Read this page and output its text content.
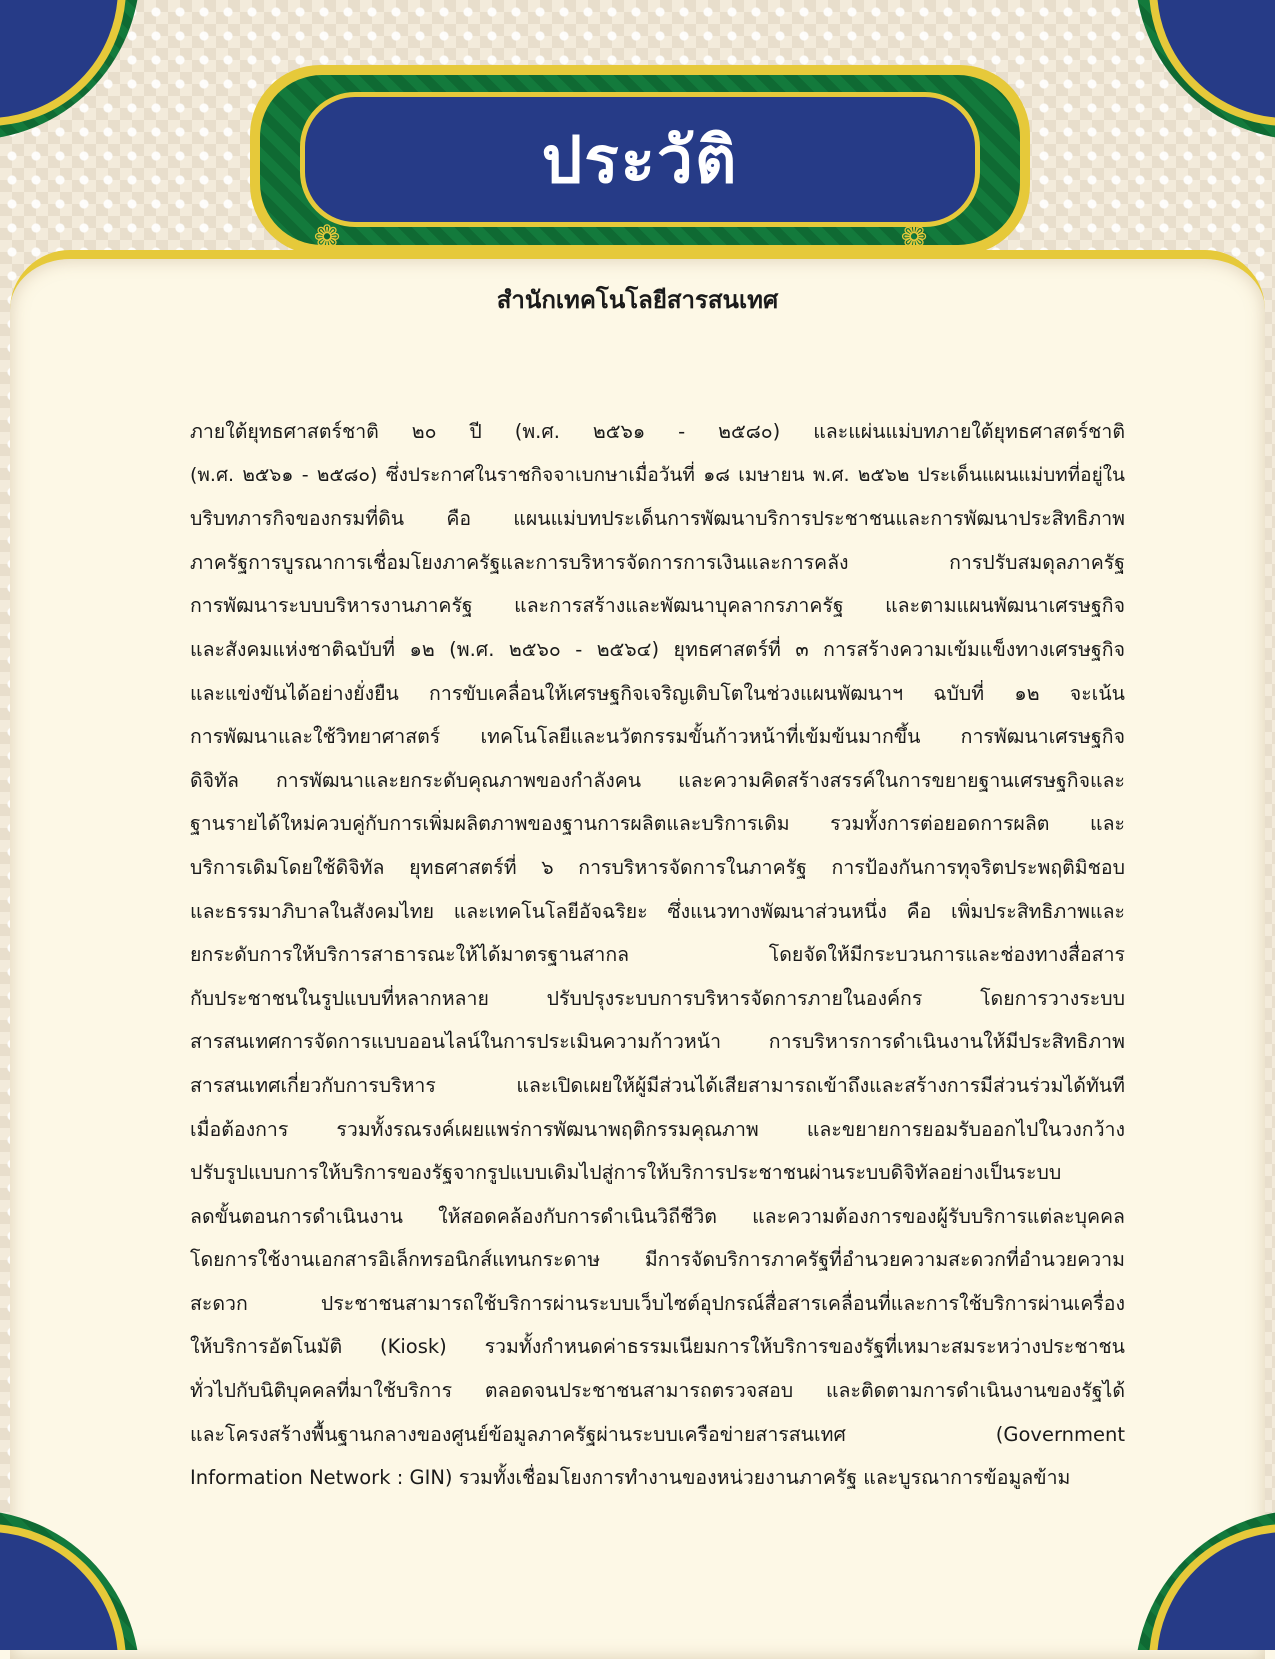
ประวัติ
❁	❁
สำนักเทคโนโลยีสารสนเทศ

ภายใต้ยุทธศาสตร์ชาติ ๒๐ ปี (พ.ศ. ๒๕๖๑ - ๒๕๘๐) และแผ่นแม่บทภายใต้ยุทธศาสตร์ชาติ

(พ.ศ. ๒๕๖๑ - ๒๕๘๐) ซึ่งประกาศในราชกิจจาเบกษาเมื่อวันที่ ๑๘ เมษายน พ.ศ. ๒๕๖๒ ประเด็นแผนแม่บทที่อยู่ใน

บริบทภารกิจของกรมที่ดิน คือ แผนแม่บทประเด็นการพัฒนาบริการประชาชนและการพัฒนาประสิทธิภาพ

ภาครัฐการบูรณาการเชื่อมโยงภาครัฐและการบริหารจัดการการเงินและการคลัง การปรับสมดุลภาครัฐ

การพัฒนาระบบบริหารงานภาครัฐ และการสร้างและพัฒนาบุคลากรภาครัฐ และตามแผนพัฒนาเศรษฐกิจ

และสังคมแห่งชาติฉบับที่ ๑๒ (พ.ศ. ๒๕๖๐ - ๒๕๖๔) ยุทธศาสตร์ที่ ๓ การสร้างความเข้มแข็งทางเศรษฐกิจ

และแข่งขันได้อย่างยั่งยืน การขับเคลื่อนให้เศรษฐกิจเจริญเติบโตในช่วงแผนพัฒนาฯ ฉบับที่ ๑๒ จะเน้น

การพัฒนาและใช้วิทยาศาสตร์ เทคโนโลยีและนวัตกรรมขั้นก้าวหน้าที่เข้มข้นมากขึ้น การพัฒนาเศรษฐกิจ

ดิจิทัล การพัฒนาและยกระดับคุณภาพของกำลังคน และความคิดสร้างสรรค์ในการขยายฐานเศรษฐกิจและ

ฐานรายได้ใหม่ควบคู่กับการเพิ่มผลิตภาพของฐานการผลิตและบริการเดิม รวมทั้งการต่อยอดการผลิต และ

บริการเดิมโดยใช้ดิจิทัล ยุทธศาสตร์ที่ ๖ การบริหารจัดการในภาครัฐ การป้องกันการทุจริตประพฤติมิชอบ

และธรรมาภิบาลในสังคมไทย และเทคโนโลยีอัจฉริยะ ซึ่งแนวทางพัฒนาส่วนหนึ่ง คือ เพิ่มประสิทธิภาพและ

ยกระดับการให้บริการสาธารณะให้ได้มาตรฐานสากล โดยจัดให้มีกระบวนการและช่องทางสื่อสาร

กับประชาชนในรูปแบบที่หลากหลาย ปรับปรุงระบบการบริหารจัดการภายในองค์กร โดยการวางระบบ

สารสนเทศการจัดการแบบออนไลน์ในการประเมินความก้าวหน้า การบริหารการดำเนินงานให้มีประสิทธิภาพ

สารสนเทศเกี่ยวกับการบริหาร และเปิดเผยให้ผู้มีส่วนได้เสียสามารถเข้าถึงและสร้างการมีส่วนร่วมได้ทันที

เมื่อต้องการ รวมทั้งรณรงค์เผยแพร่การพัฒนาพฤติกรรมคุณภาพ และขยายการยอมรับออกไปในวงกว้าง

ปรับรูปแบบการให้บริการของรัฐจากรูปแบบเดิมไปสู่การให้บริการประชาชนผ่านระบบดิจิทัลอย่างเป็นระบบ

ลดขั้นตอนการดำเนินงาน ให้สอดคล้องกับการดำเนินวิถีชีวิต และความต้องการของผู้รับบริการแต่ละบุคคล

โดยการใช้งานเอกสารอิเล็กทรอนิกส์แทนกระดาษ มีการจัดบริการภาครัฐที่อำนวยความสะดวกที่อำนวยความ

สะดวก ประชาชนสามารถใช้บริการผ่านระบบเว็บไซต์อุปกรณ์สื่อสารเคลื่อนที่และการใช้บริการผ่านเครื่อง

ให้บริการอัตโนมัติ (Kiosk) รวมทั้งกำหนดค่าธรรมเนียมการให้บริการของรัฐที่เหมาะสมระหว่างประชาชน

ทั่วไปกับนิติบุคคลที่มาใช้บริการ ตลอดจนประชาชนสามารถตรวจสอบ และติดตามการดำเนินงานของรัฐได้

และโครงสร้างพื้นฐานกลางของศูนย์ข้อมูลภาครัฐผ่านระบบเครือข่ายสารสนเทศ (Government

Information Network : GIN) รวมทั้งเชื่อมโยงการทำงานของหน่วยงานภาครัฐ และบูรณาการข้อมูลข้าม
